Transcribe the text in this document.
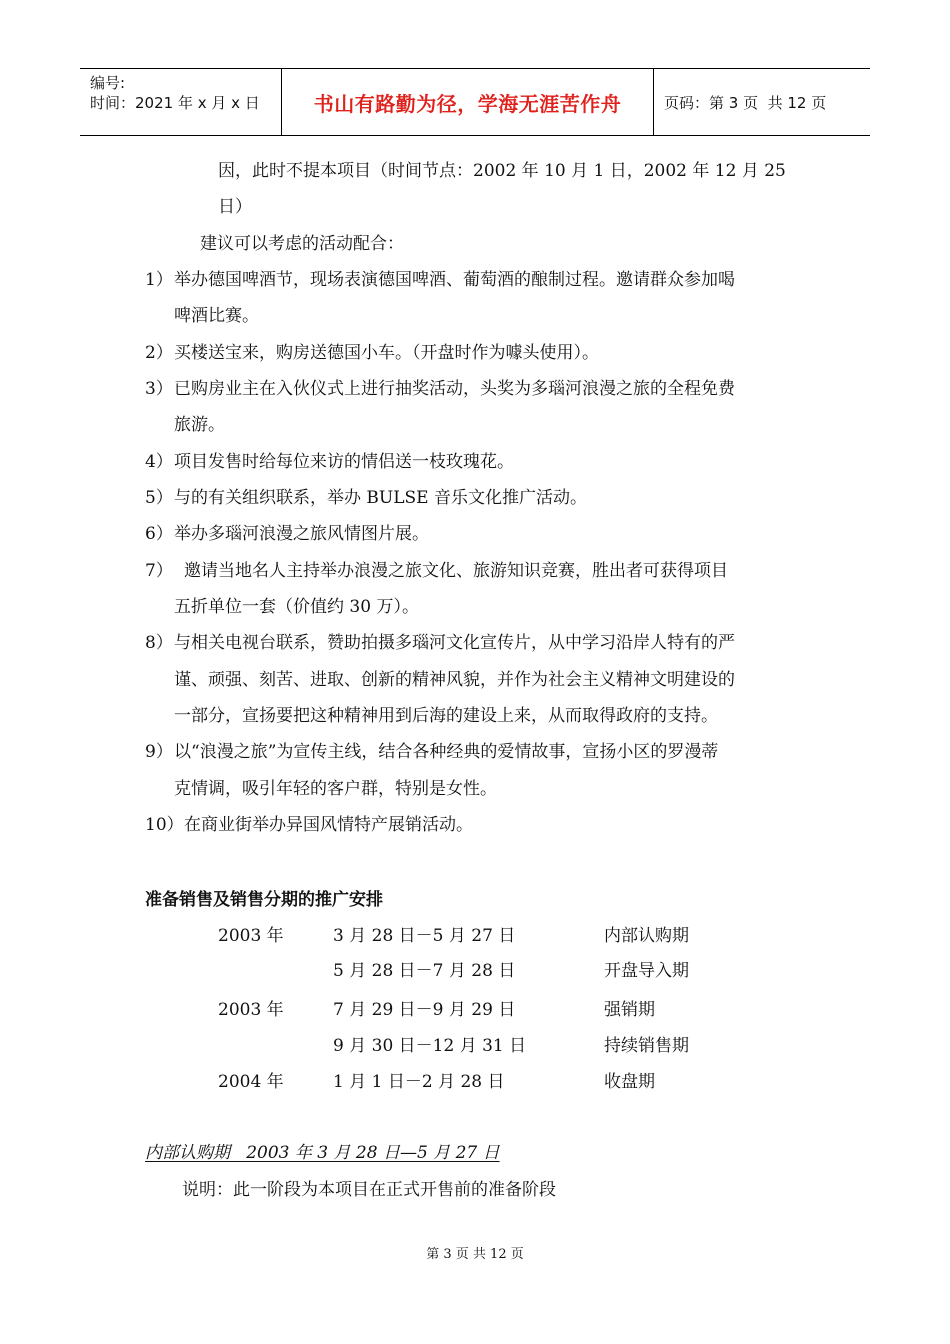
编号:
时间：2021 年 x 月 x 日	书山有路勤为径，学海无涯苦作舟	页码：第 3 页  共 12 页
因，此时不提本项目（时间节点：2002 年 10 月 1 日，2002 年 12 月 25
日）
建议可以考虑的活动配合：
1） 举办德国啤酒节，现场表演德国啤酒、葡萄酒的酿制过程。邀请群众参加喝
啤酒比赛。
2） 买楼送宝来，购房送德国小车。（开盘时作为噱头使用）。
3） 已购房业主在入伙仪式上进行抽奖活动，头奖为多瑙河浪漫之旅的全程免费
旅游。
4） 项目发售时给每位来访的情侣送一枝玫瑰花。
5） 与的有关组织联系，举办 BULSE 音乐文化推广活动。
6） 举办多瑙河浪漫之旅风情图片展。
7） 邀请当地名人主持举办浪漫之旅文化、旅游知识竞赛，胜出者可获得项目
五折单位一套（价值约 30 万）。
8） 与相关电视台联系，赞助拍摄多瑙河文化宣传片，从中学习沿岸人特有的严
谨、顽强、刻苦、进取、创新的精神风貌，并作为社会主义精神文明建设的
一部分，宣扬要把这种精神用到后海的建设上来，从而取得政府的支持。
9） 以“浪漫之旅”为宣传主线，结合各种经典的爱情故事，宣扬小区的罗漫蒂
克情调，吸引年轻的客户群，特别是女性。
10） 在商业街举办异国风情特产展销活动。
准备销售及销售分期的推广安排
2003 年	3 月 28 日－5 月 27 日	内部认购期
5 月 28 日－7 月 28 日	开盘导入期
2003 年	7 月 29 日－9 月 29 日	强销期
9 月 30 日－12 月 31 日	持续销售期
2004 年	1 月 1 日－2 月 28 日	收盘期
内部认购期   2003 年 3 月 28 日—5 月 27 日
说明：此一阶段为本项目在正式开售前的准备阶段
第 3 页 共 12 页
